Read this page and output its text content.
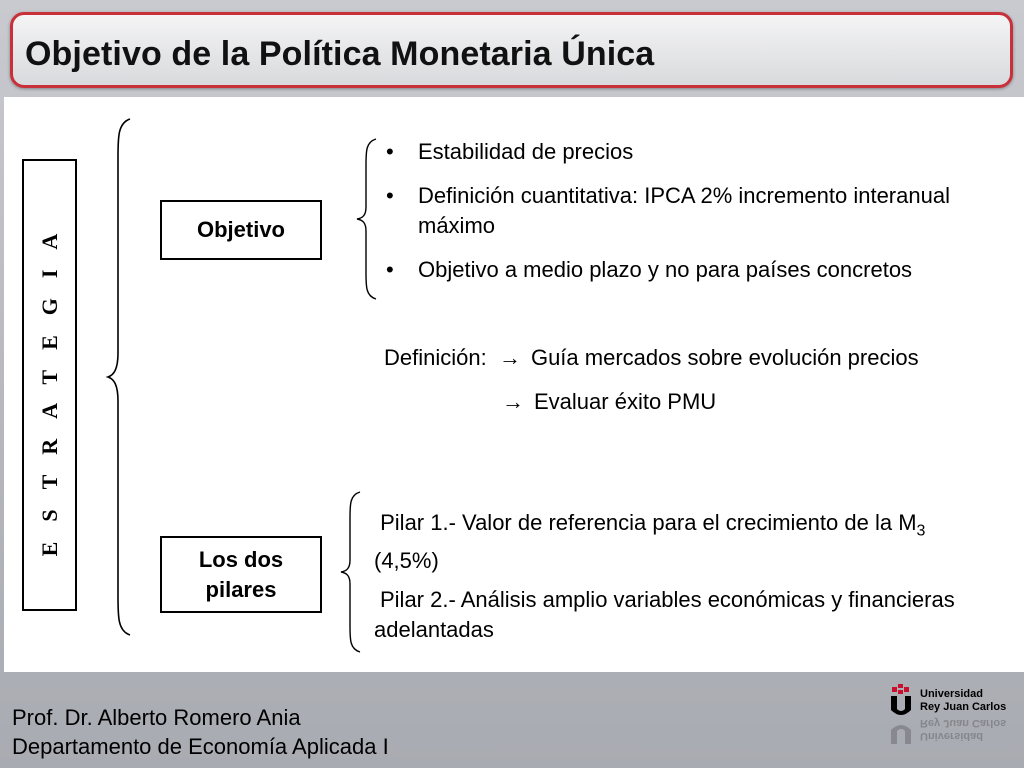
Objetivo de la Política Monetaria Única
ESTRATEGIA	Objetivo
Los dos
pilares
• Estabilidad de precios
• Definición cuantitativa: IPCA 2% incremento interanual máximo
• Objetivo a medio plazo y no para países concretos
Definición: → Guía mercados sobre evolución precios
→ Evaluar éxito PMU
Pilar 1.- Valor de referencia para el crecimiento de la $M_3$
(4,5%)
Pilar 2.- Análisis amplio variables económicas y financieras adelantadas
Prof. Dr. Alberto Romero Ania
Departamento de Economía Aplicada I
Universidad
Rey Juan Carlos
Universidad
Rey Juan Carlos
